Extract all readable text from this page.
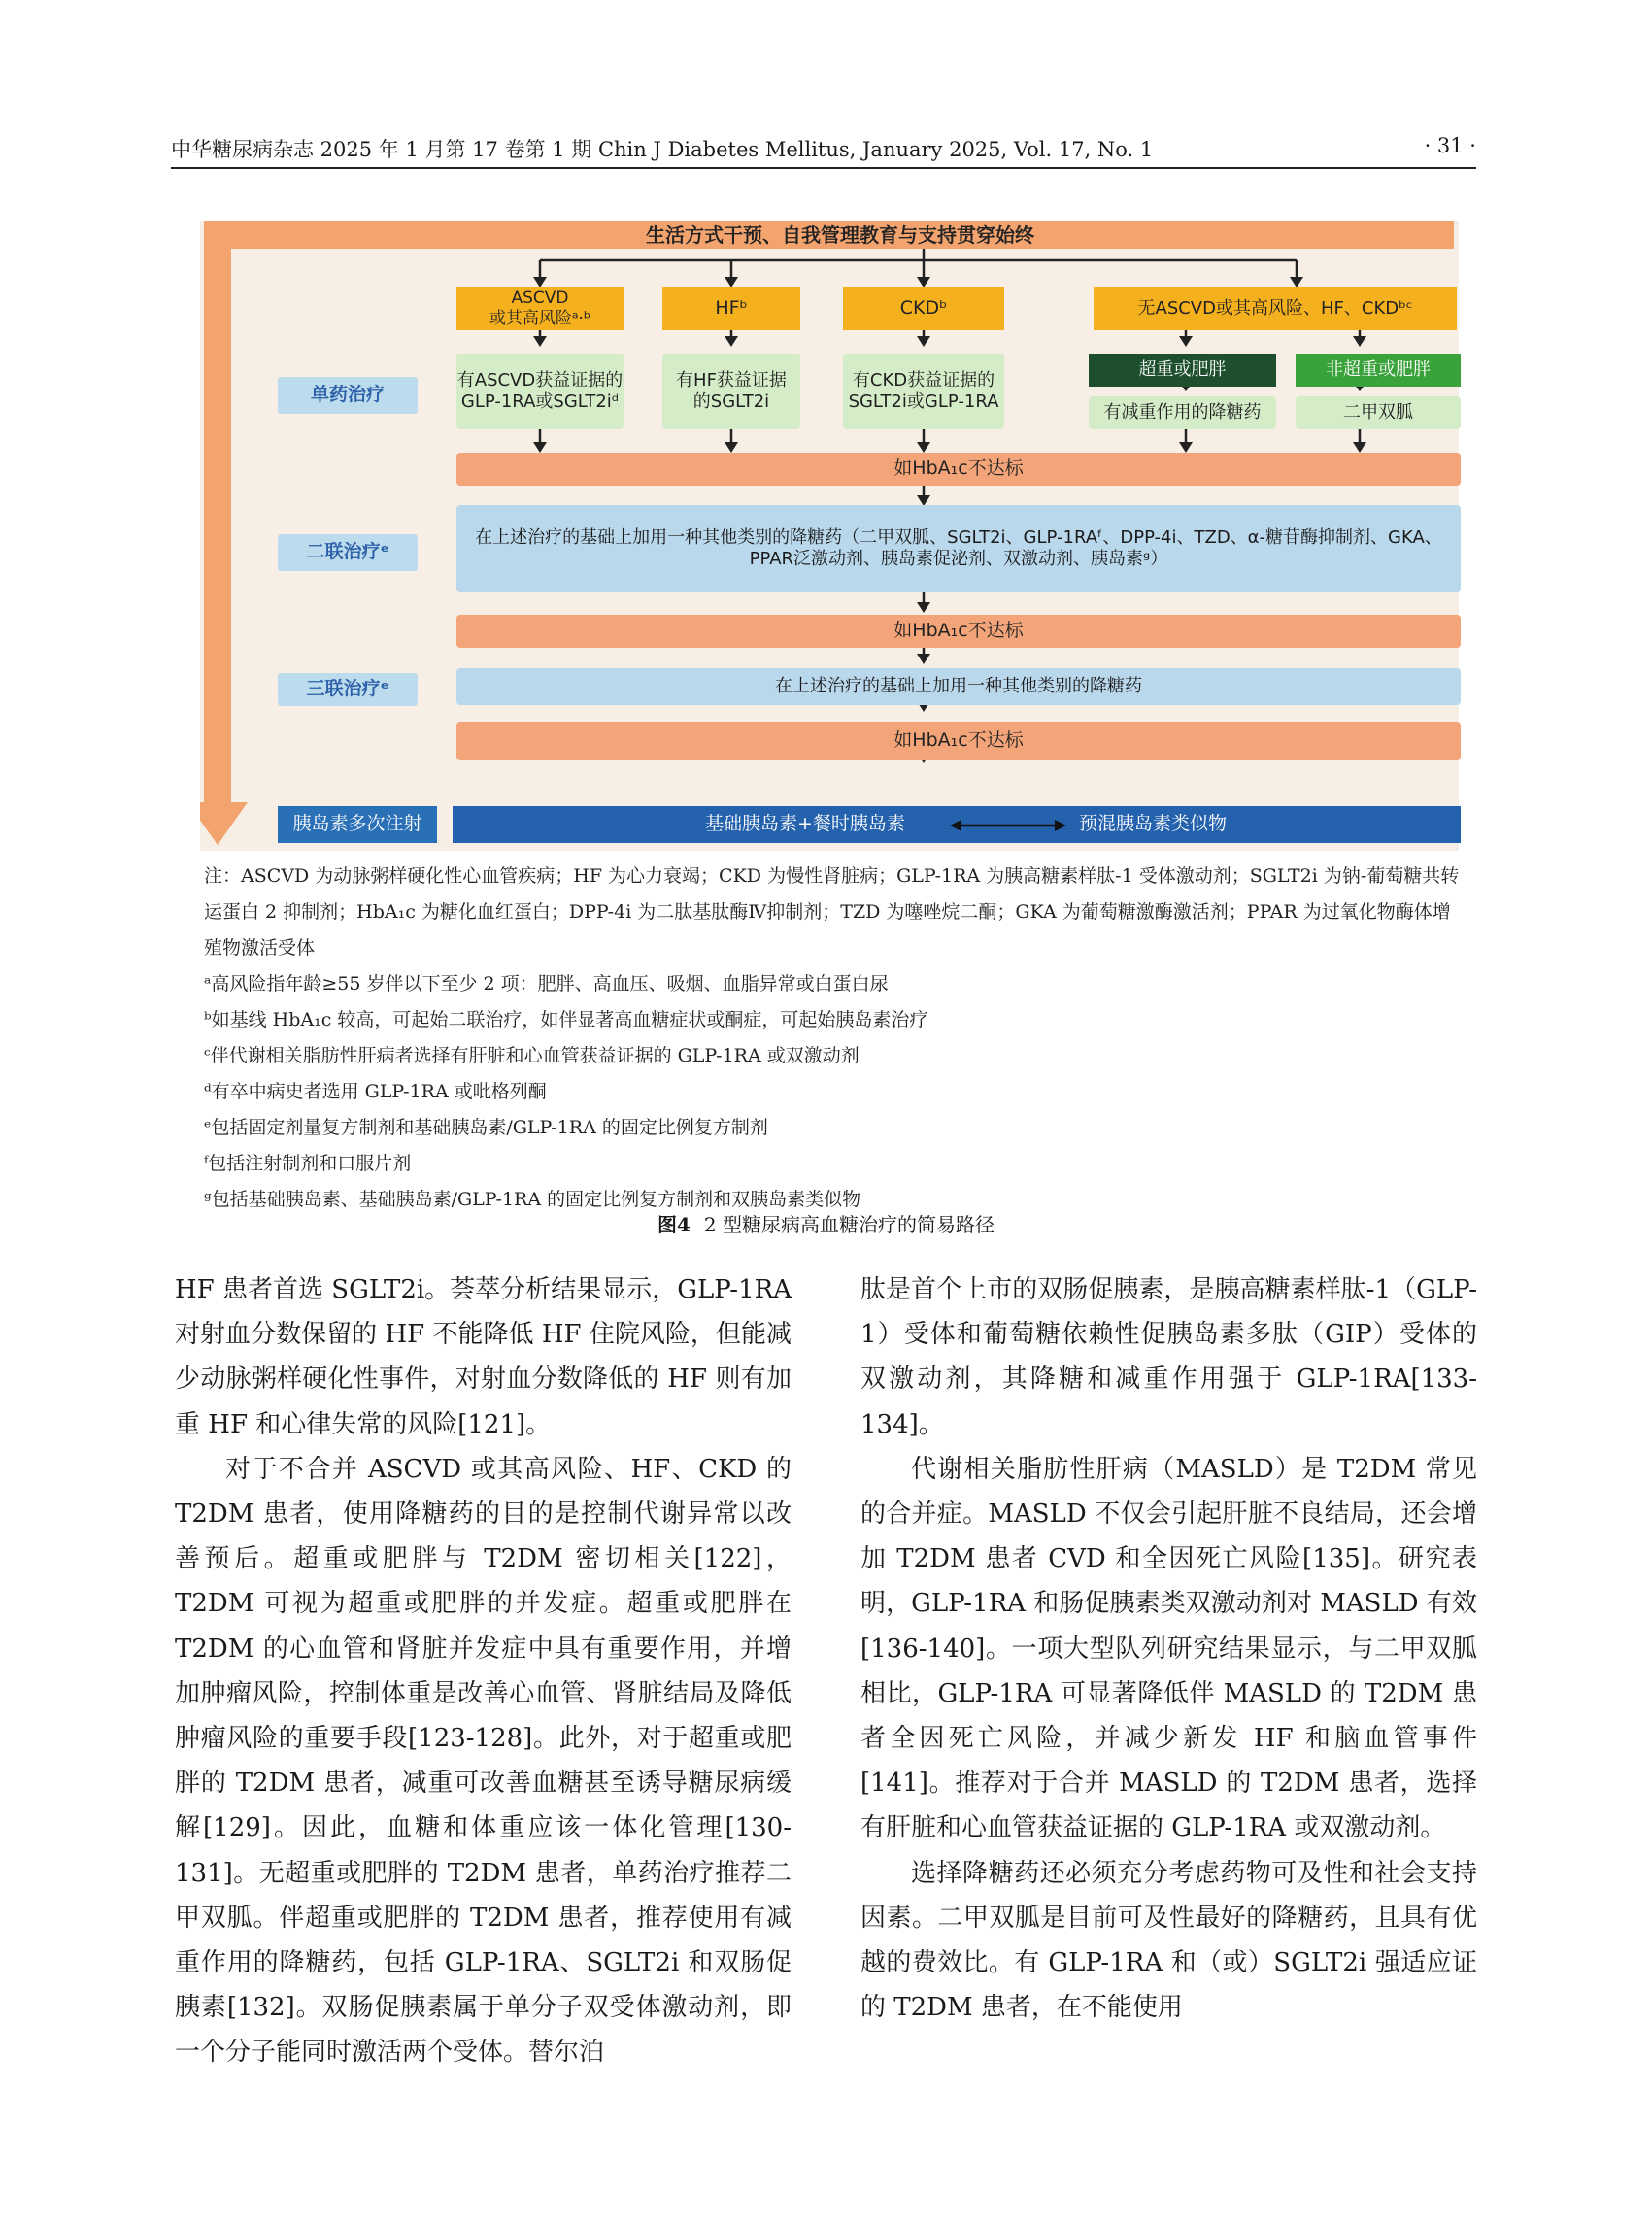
中华糖尿病杂志 2025 年 1 月第 17 卷第 1 期 Chin J Diabetes Mellitus, January 2025, Vol. 17, No. 1	· 31 ·
生活方式干预、自我管理教育与支持贯穿始终
ASCVD
或其高风险ᵃ·ᵇ	HFᵇ	CKDᵇ	无ASCVD或其高风险、HF、CKDᵇᶜ
单药治疗
有ASCVD获益证据的
GLP-1RA或SGLT2iᵈ
有HF获益证据
的SGLT2i
有CKD获益证据的
SGLT2i或GLP-1RA
超重或肥胖	非超重或肥胖
有减重作用的降糖药	二甲双胍
如HbA₁c不达标
二联治疗ᵉ
在上述治疗的基础上加用一种其他类别的降糖药（二甲双胍、SGLT2i、GLP-1RAᶠ、DPP-4i、TZD、α-糖苷酶抑制剂、GKA、PPAR泛激动剂、胰岛素促泌剂、双激动剂、胰岛素ᵍ）
如HbA₁c不达标
三联治疗ᵉ	在上述治疗的基础上加用一种其他类别的降糖药
如HbA₁c不达标
胰岛素多次注射	基础胰岛素+餐时胰岛素	预混胰岛素类似物

注：ASCVD 为动脉粥样硬化性心血管疾病；HF 为心力衰竭；CKD 为慢性肾脏病；GLP-1RA 为胰高糖素样肽-1 受体激动剂；SGLT2i 为钠-葡萄糖共转运蛋白 2 抑制剂；HbA₁c 为糖化血红蛋白；DPP-4i 为二肽基肽酶Ⅳ抑制剂；TZD 为噻唑烷二酮；GKA 为葡萄糖激酶激活剂；PPAR 为过氧化物酶体增殖物激活受体

ᵃ高风险指年龄≥55 岁伴以下至少 2 项：肥胖、高血压、吸烟、血脂异常或白蛋白尿

ᵇ如基线 HbA₁c 较高，可起始二联治疗，如伴显著高血糖症状或酮症，可起始胰岛素治疗

ᶜ伴代谢相关脂肪性肝病者选择有肝脏和心血管获益证据的 GLP-1RA 或双激动剂

ᵈ有卒中病史者选用 GLP-1RA 或吡格列酮

ᵉ包括固定剂量复方制剂和基础胰岛素/GLP-1RA 的固定比例复方制剂

ᶠ包括注射制剂和口服片剂

ᵍ包括基础胰岛素、基础胰岛素/GLP-1RA 的固定比例复方制剂和双胰岛素类似物

图4 2 型糖尿病高血糖治疗的简易路径

HF 患者首选 SGLT2i。荟萃分析结果显示，GLP-1RA 对射血分数保留的 HF 不能降低 HF 住院风险，但能减少动脉粥样硬化性事件，对射血分数降低的 HF 则有加重 HF 和心律失常的风险[121]。

对于不合并 ASCVD 或其高风险、HF、CKD 的 T2DM 患者，使用降糖药的目的是控制代谢异常以改善预后。超重或肥胖与 T2DM 密切相关[122]，T2DM 可视为超重或肥胖的并发症。超重或肥胖在 T2DM 的心血管和肾脏并发症中具有重要作用，并增加肿瘤风险，控制体重是改善心血管、肾脏结局及降低肿瘤风险的重要手段[123-128]。此外，对于超重或肥胖的 T2DM 患者，减重可改善血糖甚至诱导糖尿病缓解[129]。因此，血糖和体重应该一体化管理[130-131]。无超重或肥胖的 T2DM 患者，单药治疗推荐二甲双胍。伴超重或肥胖的 T2DM 患者，推荐使用有减重作用的降糖药，包括 GLP-1RA、SGLT2i 和双肠促胰素[132]。双肠促胰素属于单分子双受体激动剂，即一个分子能同时激活两个受体。替尔泊

肽是首个上市的双肠促胰素，是胰高糖素样肽-1（GLP-1）受体和葡萄糖依赖性促胰岛素多肽（GIP）受体的双激动剂，其降糖和减重作用强于 GLP-1RA[133-134]。

代谢相关脂肪性肝病（MASLD）是 T2DM 常见的合并症。MASLD 不仅会引起肝脏不良结局，还会增加 T2DM 患者 CVD 和全因死亡风险[135]。研究表明，GLP-1RA 和肠促胰素类双激动剂对 MASLD 有效[136-140]。一项大型队列研究结果显示，与二甲双胍相比，GLP-1RA 可显著降低伴 MASLD 的 T2DM 患者全因死亡风险，并减少新发 HF 和脑血管事件[141]。推荐对于合并 MASLD 的 T2DM 患者，选择有肝脏和心血管获益证据的 GLP-1RA 或双激动剂。

选择降糖药还必须充分考虑药物可及性和社会支持因素。二甲双胍是目前可及性最好的降糖药，且具有优越的费效比。有 GLP-1RA 和（或）SGLT2i 强适应证的 T2DM 患者，在不能使用
